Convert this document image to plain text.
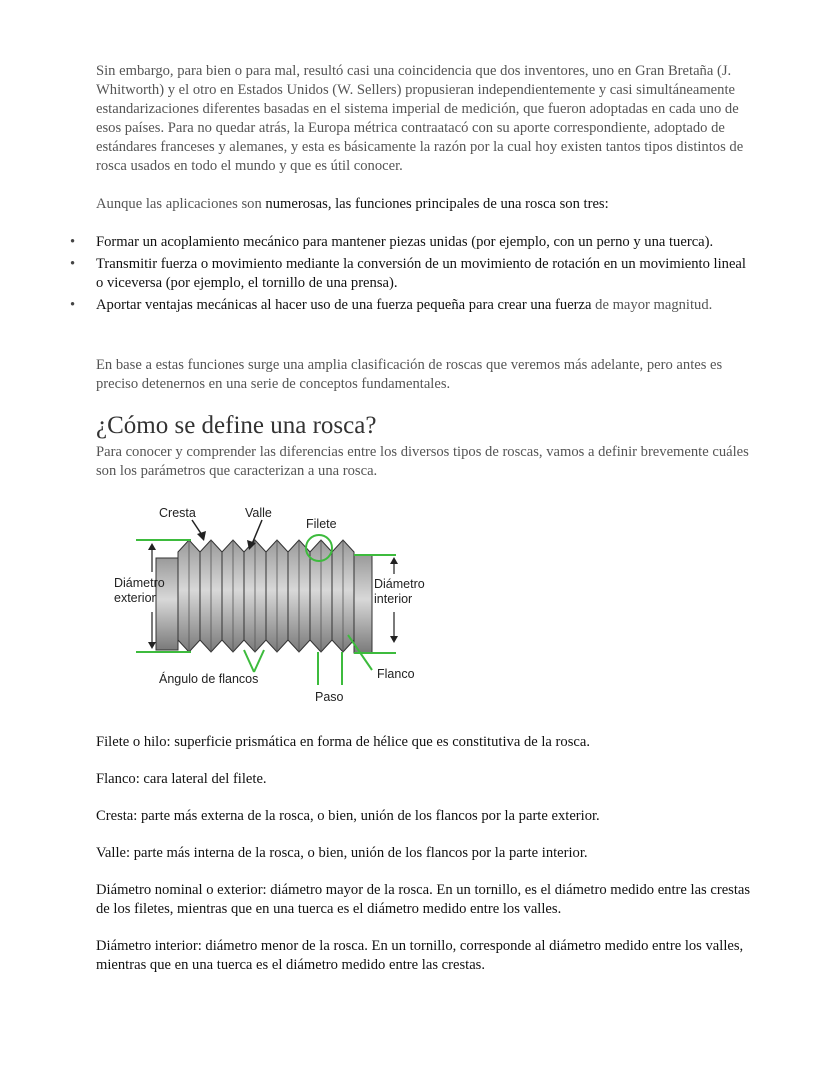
Sin embargo, para bien o para mal, resultó casi una coincidencia que dos inventores, uno en Gran Bretaña (J. Whitworth) y el otro en Estados Unidos (W. Sellers) propusieran independientemente y casi simultáneamente estandarizaciones diferentes basadas en el sistema imperial de medición, que fueron adoptadas en cada uno de esos países. Para no quedar atrás, la Europa métrica contraatacó con su aporte correspondiente, adoptado de estándares franceses y alemanes, y esta es básicamente la razón por la cual hoy existen tantos tipos distintos de rosca usados en todo el mundo y que es útil conocer.

Aunque las aplicaciones son numerosas, las funciones principales de una rosca son tres:

• Formar un acoplamiento mecánico para mantener piezas unidas (por ejemplo, con un perno y una tuerca).
• Transmitir fuerza o movimiento mediante la conversión de un movimiento de rotación en un movimiento lineal o viceversa (por ejemplo, el tornillo de una prensa).
• Aportar ventajas mecánicas al hacer uso de una fuerza pequeña para crear una fuerza de mayor magnitud.

En base a estas funciones surge una amplia clasificación de roscas que veremos más adelante, pero antes es preciso detenernos en una serie de conceptos fundamentales.

¿Cómo se define una rosca?

Para conocer y comprender las diferencias entre los diversos tipos de roscas, vamos a definir brevemente cuáles son los parámetros que caracterizan a una rosca.

Cresta	Valle
Filete
Diámetro
exterior
Diámetro
interior
Ángulo de flancos	Flanco
Paso
Filete o hilo: superficie prismática en forma de hélice que es constitutiva de la rosca.
Flanco: cara lateral del filete.
Cresta: parte más externa de la rosca, o bien, unión de los flancos por la parte exterior.
Valle: parte más interna de la rosca, o bien, unión de los flancos por la parte interior.
Diámetro nominal o exterior: diámetro mayor de la rosca. En un tornillo, es el diámetro medido entre las crestas de los filetes, mientras que en una tuerca es el diámetro medido entre los valles.
Diámetro interior: diámetro menor de la rosca. En un tornillo, corresponde al diámetro medido entre los valles, mientras que en una tuerca es el diámetro medido entre las crestas.
